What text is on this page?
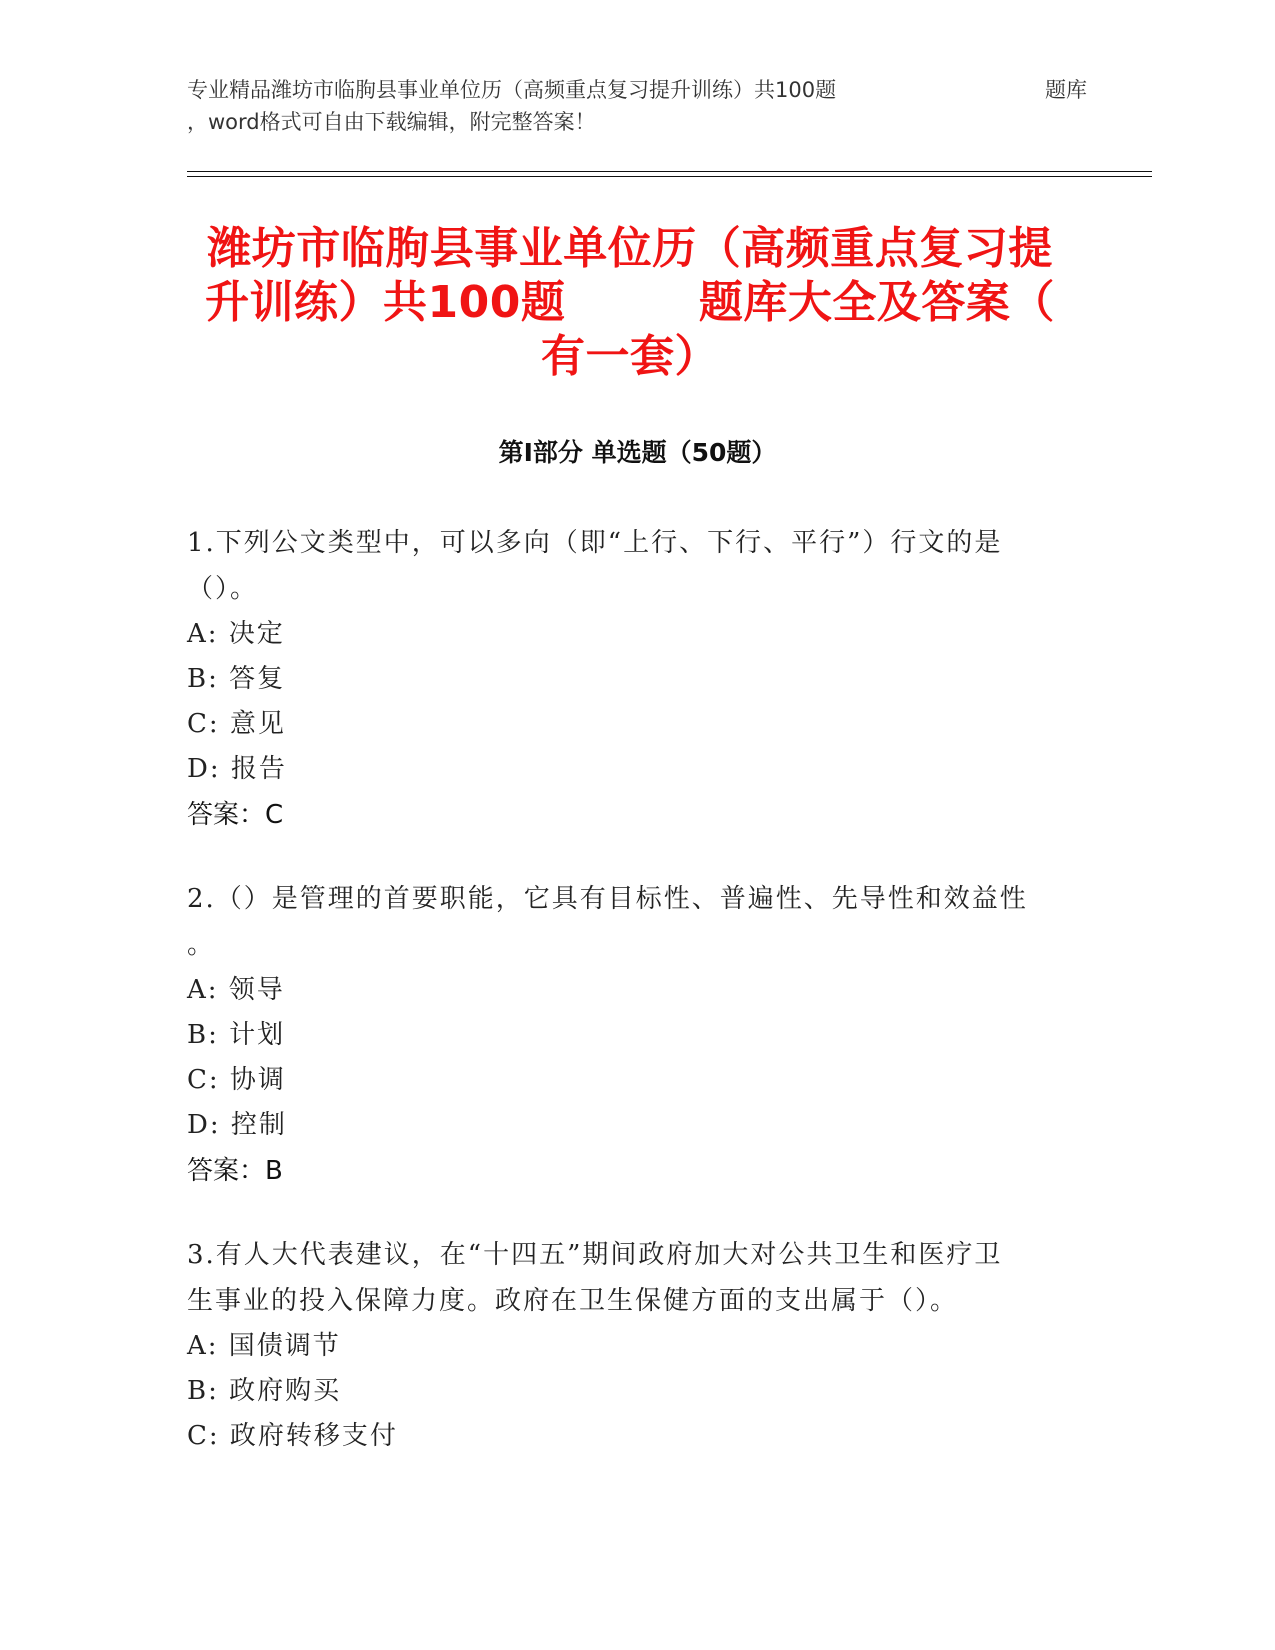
专业精品潍坊市临朐县事业单位历（高频重点复习提升训练）共100题	题库
，word格式可自由下载编辑，附完整答案！
潍坊市临朐县事业单位历（高频重点复习提
升训练）共100题　　　题库大全及答案（
有一套）
第Ⅰ部分 单选题（50题）
1.下列公文类型中，可以多向（即“上行、下行、平行”）行文的是
（）。
A: 决定
B: 答复
C: 意见
D: 报告
答案：C
2.（）是管理的首要职能，它具有目标性、普遍性、先导性和效益性
。
A: 领导
B: 计划
C: 协调
D: 控制
答案：B
3.有人大代表建议，在“十四五”期间政府加大对公共卫生和医疗卫
生事业的投入保障力度。政府在卫生保健方面的支出属于（）。
A: 国债调节
B: 政府购买
C: 政府转移支付
